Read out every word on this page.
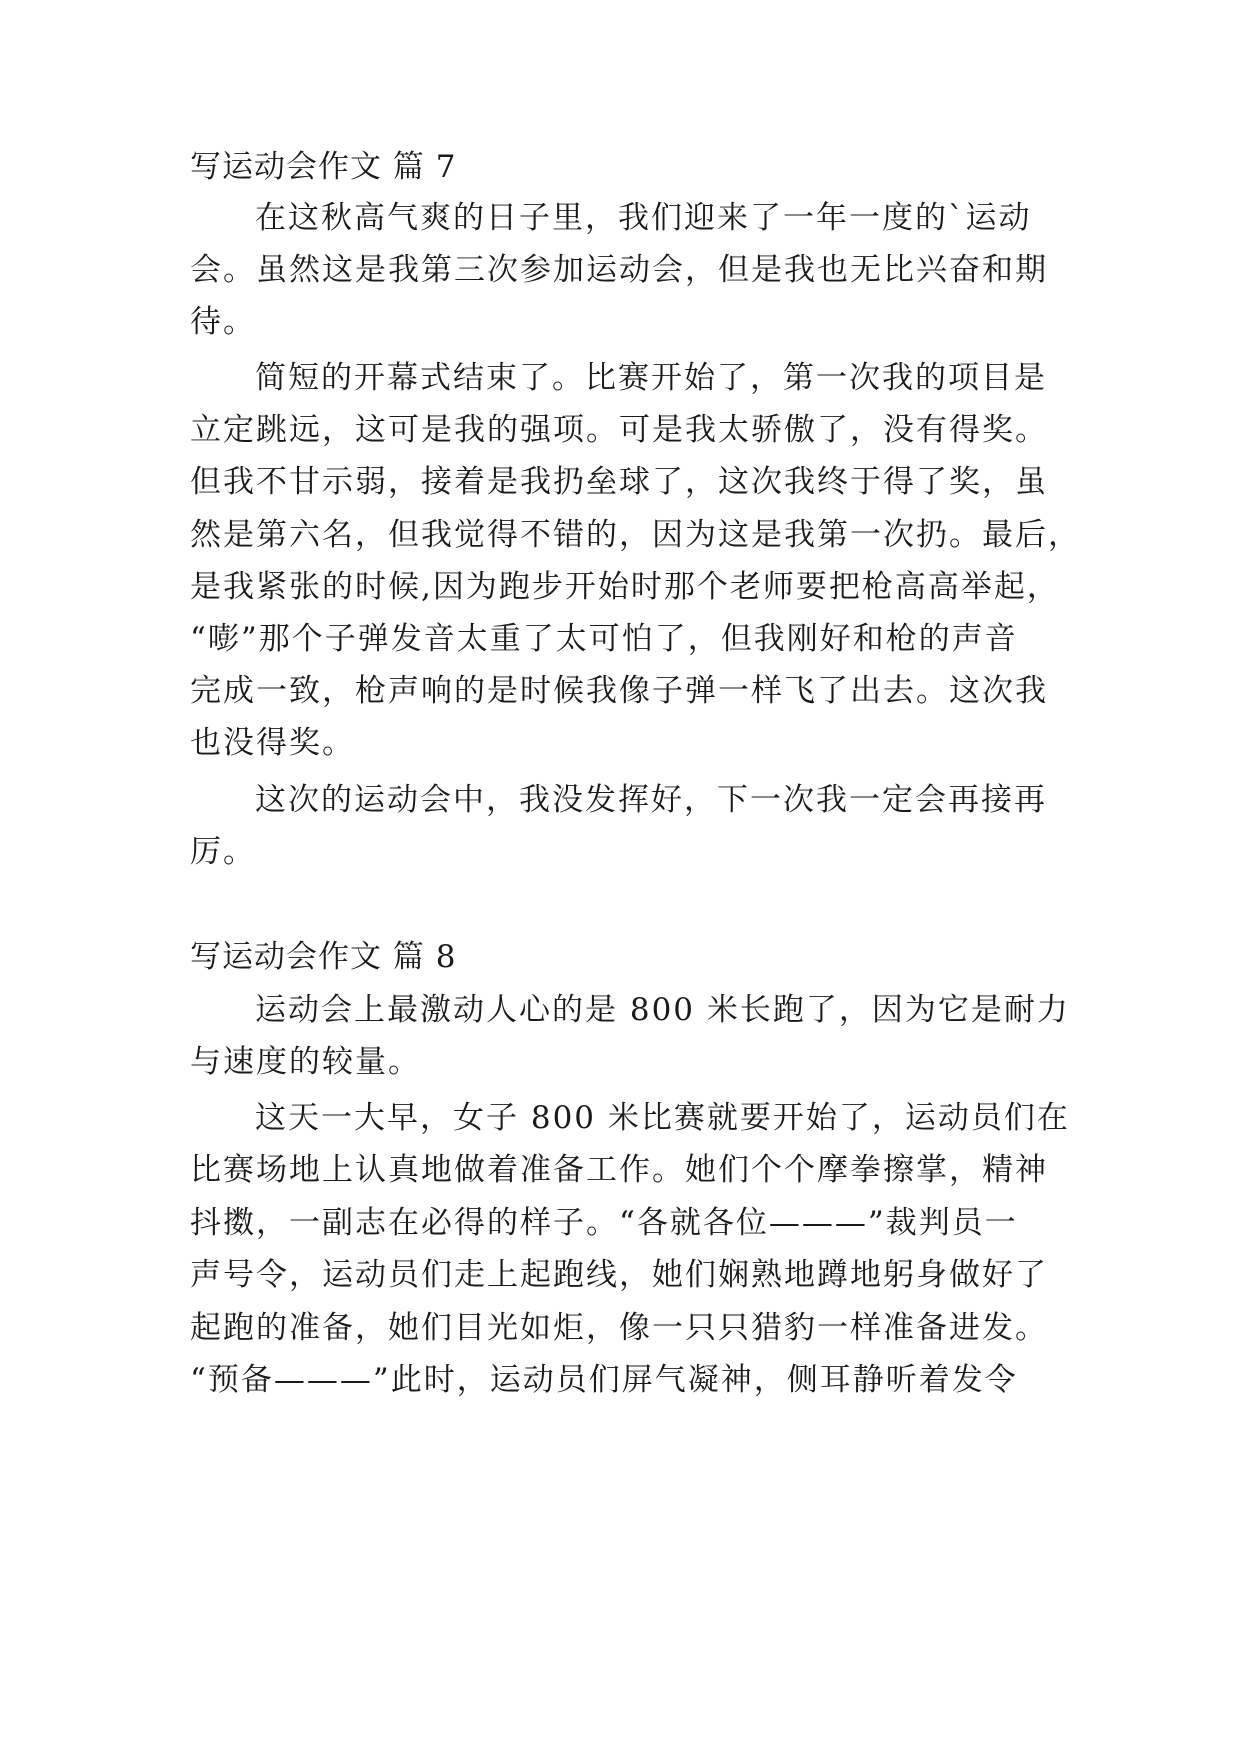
写运动会作文 篇 7
在这秋高气爽的日子里，我们迎来了一年一度的`运动
会。虽然这是我第三次参加运动会，但是我也无比兴奋和期
待。
简短的开幕式结束了。比赛开始了，第一次我的项目是
立定跳远，这可是我的强项。可是我太骄傲了，没有得奖。
但我不甘示弱，接着是我扔垒球了，这次我终于得了奖，虽
然是第六名，但我觉得不错的，因为这是我第一次扔。最后，
是我紧张的时候,因为跑步开始时那个老师要把枪高高举起，
“嘭”那个子弹发音太重了太可怕了，但我刚好和枪的声音
完成一致，枪声响的是时候我像子弹一样飞了出去。这次我
也没得奖。
这次的运动会中，我没发挥好，下一次我一定会再接再
厉。
写运动会作文 篇 8
运动会上最激动人心的是 800 米长跑了，因为它是耐力
与速度的较量。
这天一大早，女子 800 米比赛就要开始了，运动员们在
比赛场地上认真地做着准备工作。她们个个摩拳擦掌，精神
抖擞，一副志在必得的样子。“各就各位———”裁判员一
声号令，运动员们走上起跑线，她们娴熟地蹲地躬身做好了
起跑的准备，她们目光如炬，像一只只猎豹一样准备进发。
“预备———”此时，运动员们屏气凝神，侧耳静听着发令
